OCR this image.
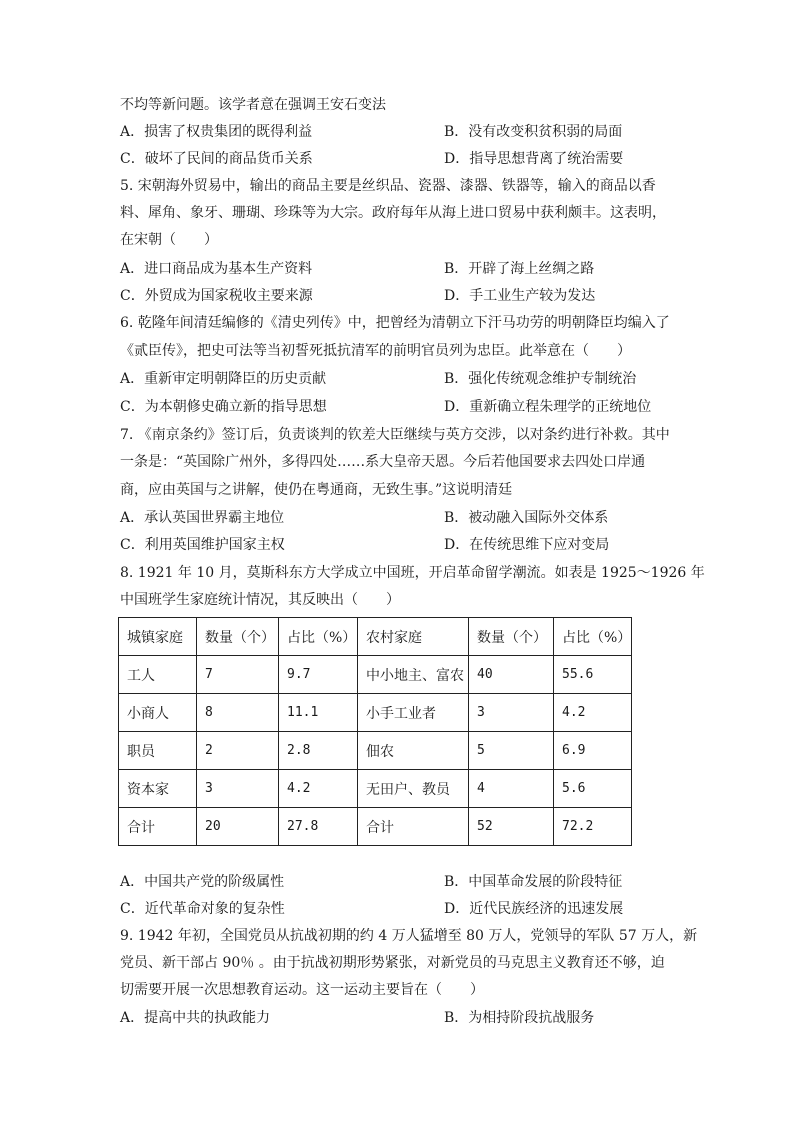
不均等新问题。该学者意在强调王安石变法
A．损害了权贵集团的既得利益	B．没有改变积贫积弱的局面
C．破坏了民间的商品货币关系	D．指导思想背离了统治需要
5. 宋朝海外贸易中，输出的商品主要是丝织品、瓷器、漆器、铁器等，输入的商品以香
料、犀角、象牙、珊瑚、珍珠等为大宗。政府每年从海上进口贸易中获利颇丰。这表明，
在宋朝（　　）
A．进口商品成为基本生产资料	B．开辟了海上丝绸之路
C．外贸成为国家税收主要来源	D．手工业生产较为发达
6. 乾隆年间清廷编修的《清史列传》中，把曾经为清朝立下汗马功劳的明朝降臣均编入了
《贰臣传》，把史可法等当初誓死抵抗清军的前明官员列为忠臣。此举意在（　　）
A．重新审定明朝降臣的历史贡献	B．强化传统观念维护专制统治
C．为本朝修史确立新的指导思想	D．重新确立程朱理学的正统地位
7. 《南京条约》签订后，负责谈判的钦差大臣继续与英方交涉，以对条约进行补救。其中
一条是：“英国除广州外，多得四处……系大皇帝天恩。今后若他国要求去四处口岸通
商，应由英国与之讲解，使仍在粤通商，无致生事。”这说明清廷
A．承认英国世界霸主地位	B．被动融入国际外交体系
C．利用英国维护国家主权	D．在传统思维下应对变局
8. 1921 年 10 月，莫斯科东方大学成立中国班，开启革命留学潮流。如表是 1925～1926 年
中国班学生家庭统计情况，其反映出（　　）
城镇家庭	数量（个）	占比（%）	农村家庭	数量（个）	占比（%）
工人	7	9.7	中小地主、富农	40	55.6
小商人	8	11.1	小手工业者	3	4.2
职员	2	2.8	佃农	5	6.9
资本家	3	4.2	无田户、教员	4	5.6
合计	20	27.8	合计	52	72.2
A．中国共产党的阶级属性	B．中国革命发展的阶段特征
C．近代革命对象的复杂性	D．近代民族经济的迅速发展
9. 1942 年初，全国党员从抗战初期的约 4 万人猛增至 80 万人，党领导的军队 57 万人，新
党员、新干部占 90％ 。由于抗战初期形势紧张，对新党员的马克思主义教育还不够，迫
切需要开展一次思想教育运动。这一运动主要旨在（　　）
A．提高中共的执政能力	B．为相持阶段抗战服务
